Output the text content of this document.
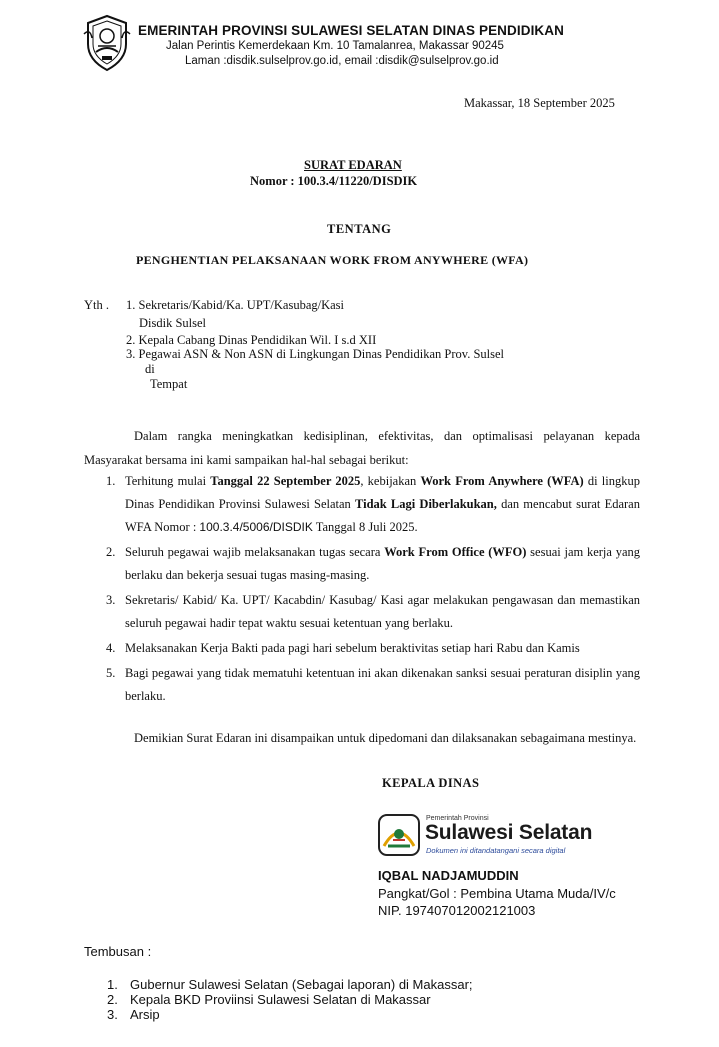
EMERINTAH PROVINSI SULAWESI SELATAN DINAS PENDIDIKAN
Jalan Perintis Kemerdekaan Km. 10 Tamalanrea, Makassar 90245
Laman :disdik.sulselprov.go.id, email :disdik@sulselprov.go.id
Makassar, 18 September 2025
SURAT EDARAN
Nomor : 100.3.4/11220/DISDIK
TENTANG
PENGHENTIAN PELAKSANAAN WORK FROM ANYWHERE (WFA)
Yth . 1. Sekretaris/Kabid/Ka. UPT/Kasubag/Kasi
Disdik Sulsel
2. Kepala Cabang Dinas Pendidikan Wil. I s.d XII
3. Pegawai ASN & Non ASN di Lingkungan Dinas Pendidikan Prov. Sulsel
di
Tempat
Dalam rangka meningkatkan kedisiplinan, efektivitas, dan optimalisasi pelayanan kepada Masyarakat bersama ini kami sampaikan hal-hal sebagai berikut:
1. Terhitung mulai Tanggal 22 September 2025, kebijakan Work From Anywhere (WFA) di lingkup Dinas Pendidikan Provinsi Sulawesi Selatan Tidak Lagi Diberlakukan, dan mencabut surat Edaran WFA Nomor : 100.3.4/5006/DISDIK Tanggal 8 Juli 2025.
2. Seluruh pegawai wajib melaksanakan tugas secara Work From Office (WFO) sesuai jam kerja yang berlaku dan bekerja sesuai tugas masing-masing.
3. Sekretaris/ Kabid/ Ka. UPT/ Kacabdin/ Kasubag/ Kasi agar melakukan pengawasan dan memastikan seluruh pegawai hadir tepat waktu sesuai ketentuan yang berlaku.
4. Melaksanakan Kerja Bakti pada pagi hari sebelum beraktivitas setiap hari Rabu dan Kamis
5. Bagi pegawai yang tidak mematuhi ketentuan ini akan dikenakan sanksi sesuai peraturan disiplin yang berlaku.
Demikian Surat Edaran ini disampaikan untuk dipedomani dan dilaksanakan sebagaimana mestinya.
KEPALA DINAS
Pemerintah Provinsi
Sulawesi Selatan
Dokumen ini ditandatangani secara digital
IQBAL NADJAMUDDIN
Pangkat/Gol : Pembina Utama Muda/IV/c
NIP. 197407012002121003
Tembusan :
1. Gubernur Sulawesi Selatan (Sebagai laporan) di Makassar;
2. Kepala BKD Proviinsi Sulawesi Selatan di Makassar
3. Arsip
